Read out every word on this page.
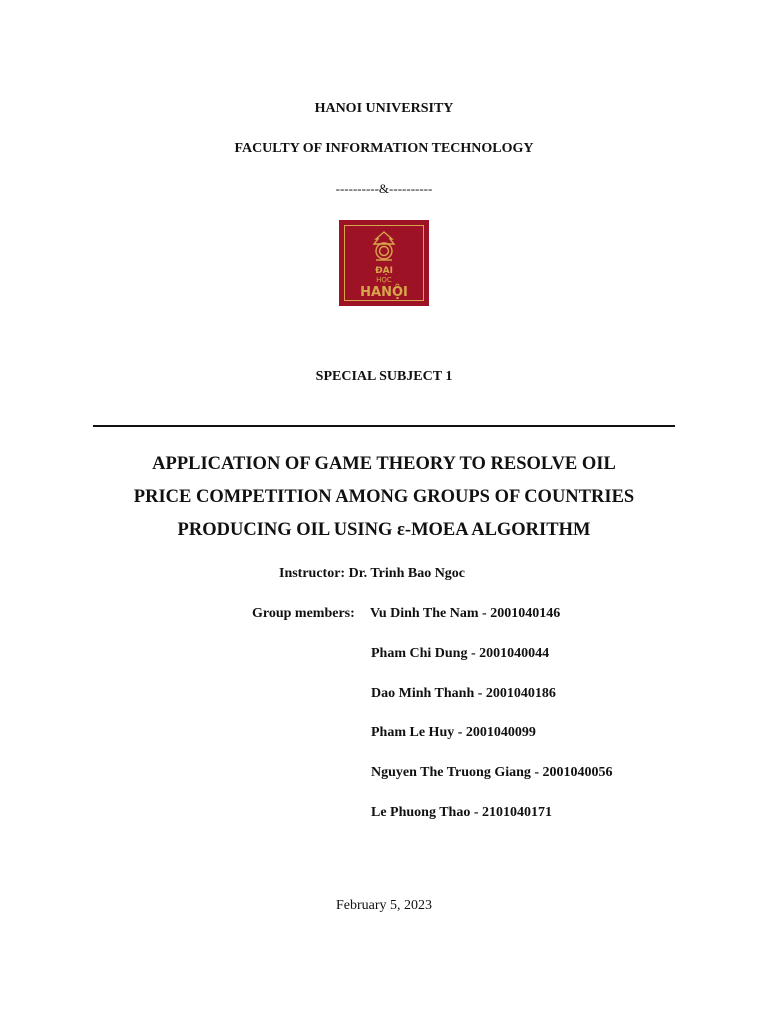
HANOI UNIVERSITY
FACULTY OF INFORMATION TECHNOLOGY
----------&----------
ĐẠI
HỌC
HANỘI
SPECIAL SUBJECT 1
APPLICATION OF GAME THEORY TO RESOLVE OIL
PRICE COMPETITION AMONG GROUPS OF COUNTRIES
PRODUCING OIL USING ε-MOEA ALGORITHM
Instructor: Dr. Trinh Bao Ngoc
Group members: Vu Dinh The Nam - 2001040146
Pham Chi Dung - 2001040044
Dao Minh Thanh - 2001040186
Pham Le Huy - 2001040099
Nguyen The Truong Giang - 2001040056
Le Phuong Thao - 2101040171
February 5, 2023
